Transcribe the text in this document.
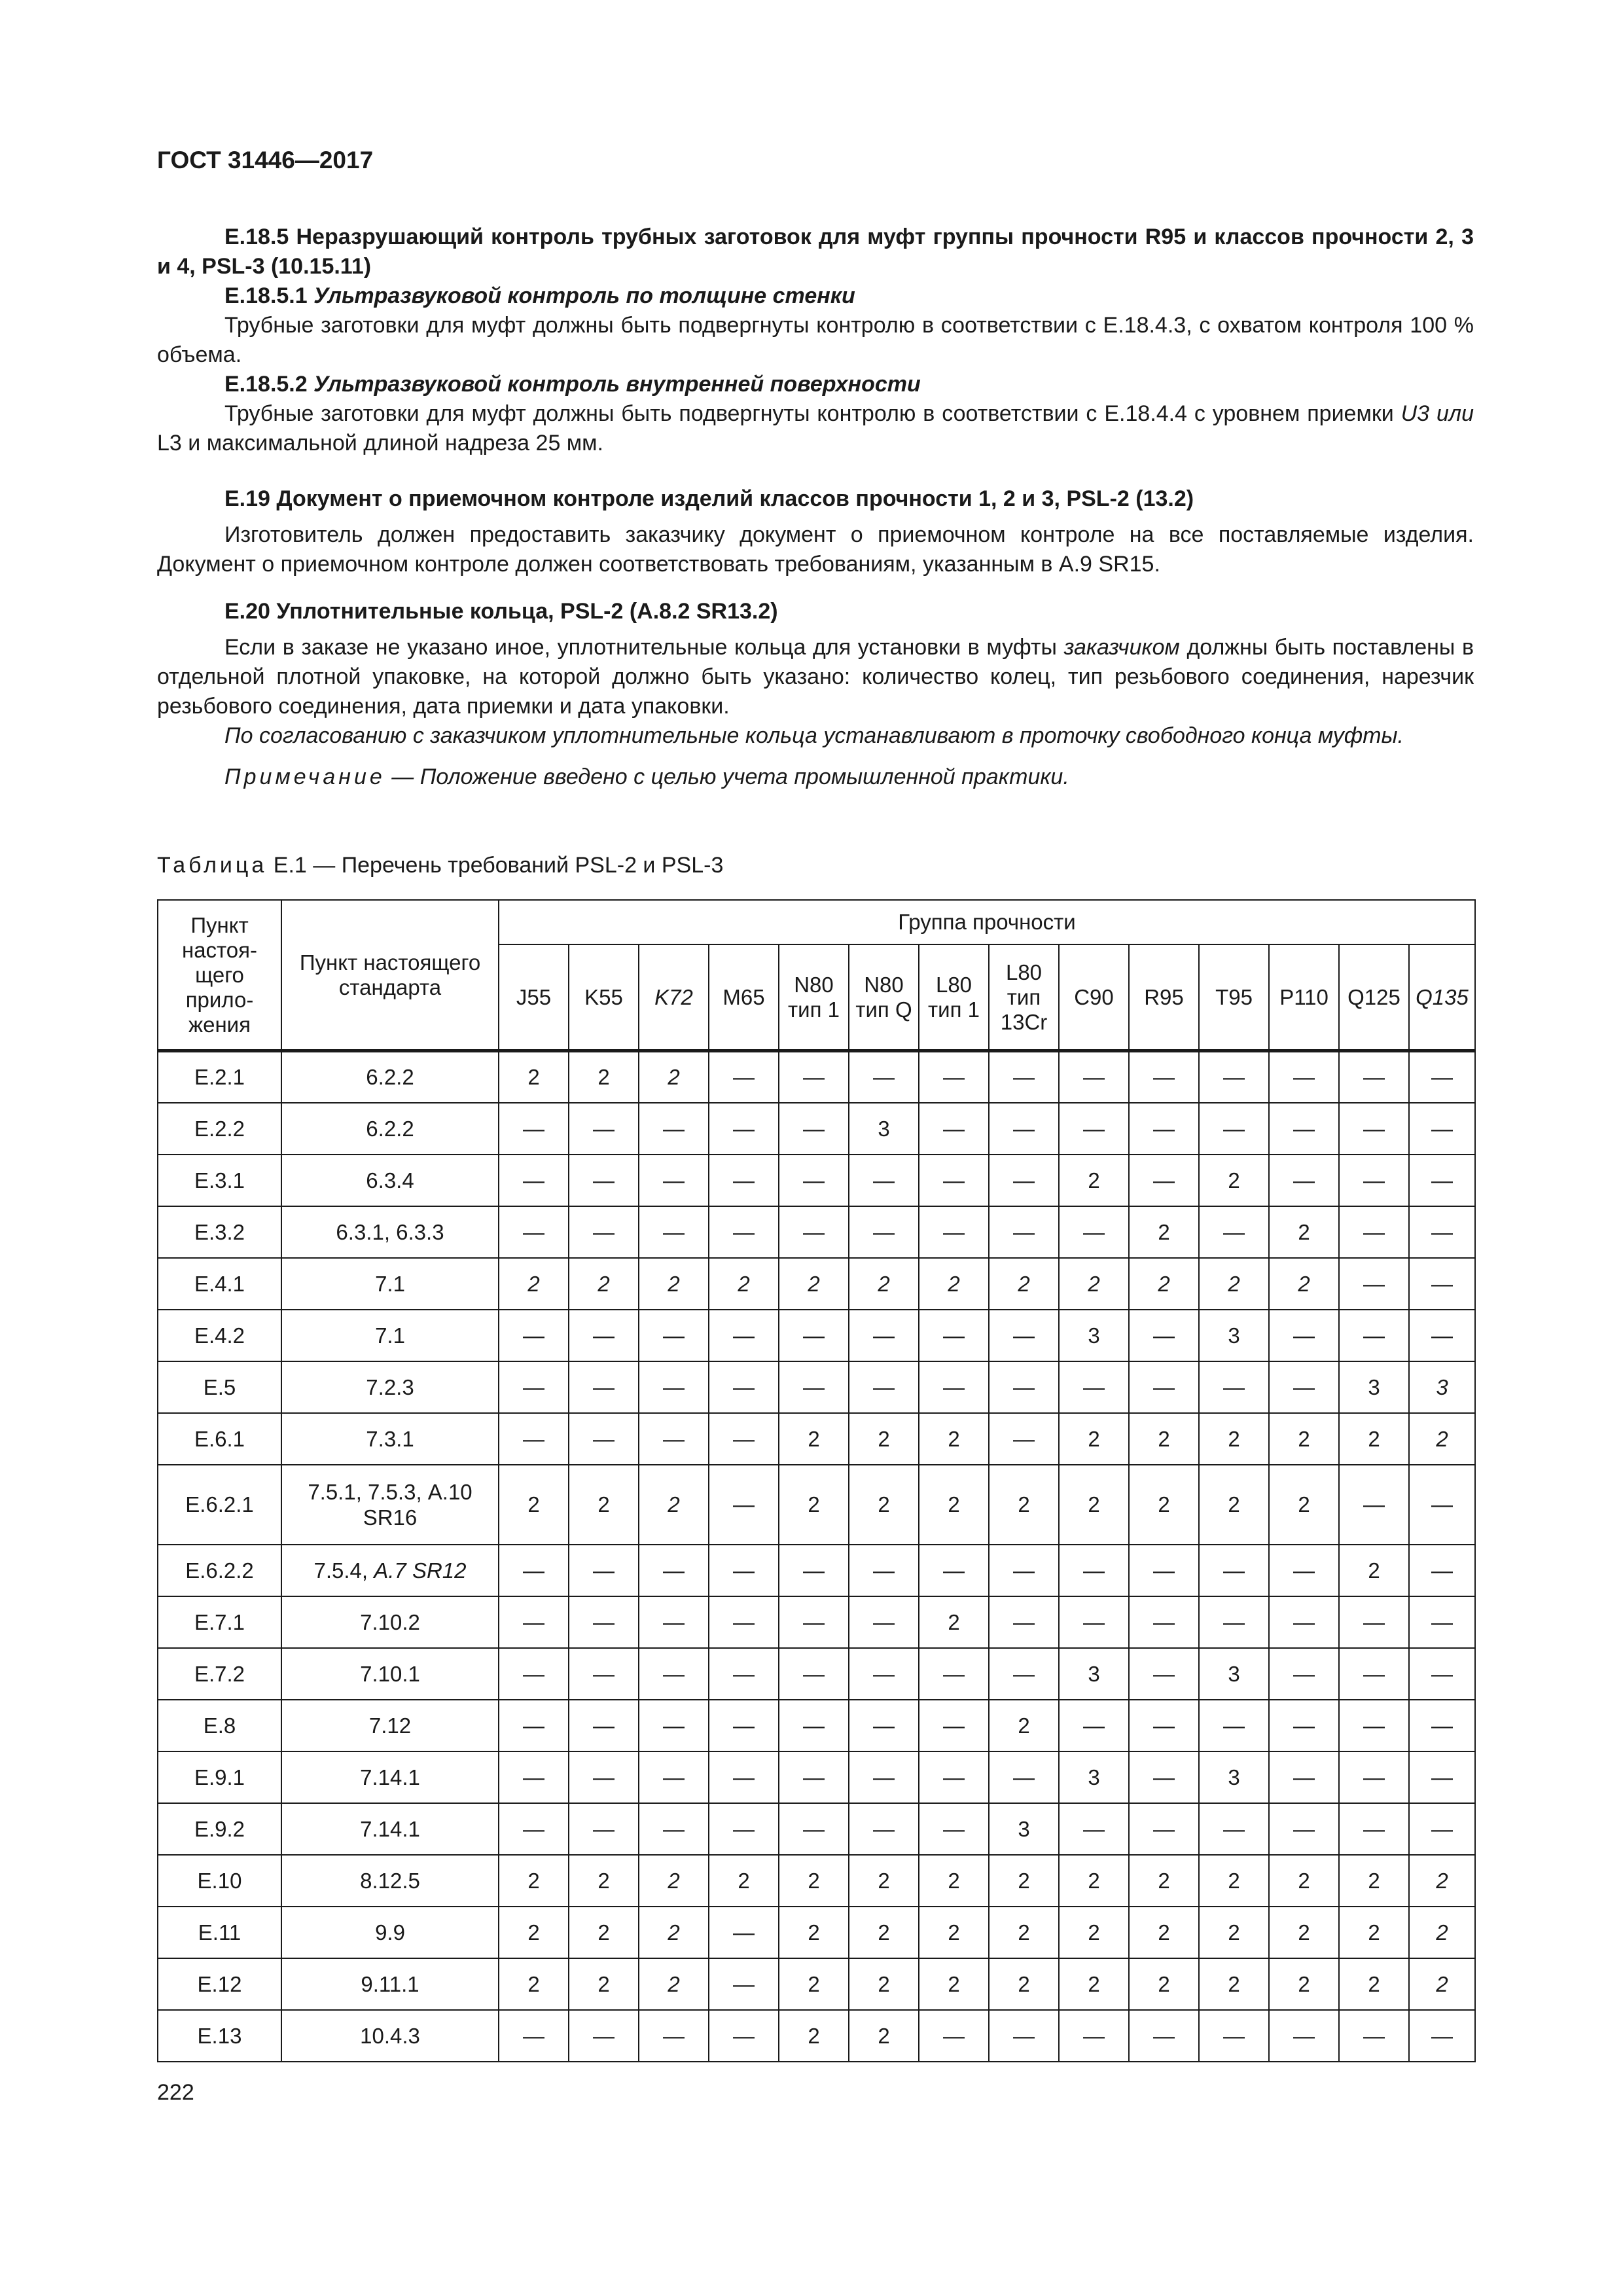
ГОСТ 31446—2017

Е.18.5 Неразрушающий контроль трубных заготовок для муфт группы прочности R95 и классов прочности 2, 3 и 4, PSL-3 (10.15.11)

Е.18.5.1 Ультразвуковой контроль по толщине стенки

Трубные заготовки для муфт должны быть подвергнуты контролю в соответствии с Е.18.4.3, с охватом контроля 100 % объема.

Е.18.5.2 Ультразвуковой контроль внутренней поверхности

Трубные заготовки для муфт должны быть подвергнуты контролю в соответствии с Е.18.4.4 с уровнем приемки U3 или L3 и максимальной длиной надреза 25 мм.

Е.19 Документ о приемочном контроле изделий классов прочности 1, 2 и 3, PSL-2 (13.2)

Изготовитель должен предоставить заказчику документ о приемочном контроле на все поставляемые изделия. Документ о приемочном контроле должен соответствовать требованиям, указанным в А.9 SR15.

Е.20 Уплотнительные кольца, PSL-2 (А.8.2 SR13.2)

Если в заказе не указано иное, уплотнительные кольца для установки в муфты заказчиком должны быть поставлены в отдельной плотной упаковке, на которой должно быть указано: количество колец, тип резьбового соединения, нарезчик резьбового соединения, дата приемки и дата упаковки.

По согласованию с заказчиком уплотнительные кольца устанавливают в проточку свободного конца муфты.

Примечание — Положение введено с целью учета промышленной практики.

Таблица Е.1 — Перечень требований PSL-2 и PSL-3
Пункт настоя-щего прило-жения	Пункт настоящего стандарта	Группа прочности													
		J55	K55	K72	M65	N80 тип 1	N80 тип Q	L80 тип 1	L80 тип 13Cr	C90	R95	T95	P110	Q125	Q135
Е.2.1	6.2.2	2	2	2	—	—	—	—	—	—	—	—	—	—	—
Е.2.2	6.2.2	—	—	—	—	—	3	—	—	—	—	—	—	—	—
Е.3.1	6.3.4	—	—	—	—	—	—	—	—	2	—	2	—	—	—
Е.3.2	6.3.1, 6.3.3	—	—	—	—	—	—	—	—	—	2	—	2	—	—
Е.4.1	7.1	2	2	2	2	2	2	2	2	2	2	2	2	—	—
Е.4.2	7.1	—	—	—	—	—	—	—	—	3	—	3	—	—	—
Е.5	7.2.3	—	—	—	—	—	—	—	—	—	—	—	—	3	3
Е.6.1	7.3.1	—	—	—	—	2	2	2	—	2	2	2	2	2	2
Е.6.2.1	7.5.1, 7.5.3, А.10 SR16	2	2	2	—	2	2	2	2	2	2	2	2	—	—
Е.6.2.2	7.5.4, A.7 SR12	—	—	—	—	—	—	—	—	—	—	—	—	2	—
Е.7.1	7.10.2	—	—	—	—	—	—	2	—	—	—	—	—	—	—
Е.7.2	7.10.1	—	—	—	—	—	—	—	—	3	—	3	—	—	—
Е.8	7.12	—	—	—	—	—	—	—	2	—	—	—	—	—	—
Е.9.1	7.14.1	—	—	—	—	—	—	—	—	3	—	3	—	—	—
Е.9.2	7.14.1	—	—	—	—	—	—	—	3	—	—	—	—	—	—
Е.10	8.12.5	2	2	2	2	2	2	2	2	2	2	2	2	2	2
Е.11	9.9	2	2	2	—	2	2	2	2	2	2	2	2	2	2
Е.12	9.11.1	2	2	2	—	2	2	2	2	2	2	2	2	2	2
Е.13	10.4.3	—	—	—	—	2	2	—	—	—	—	—	—	—	—
222
